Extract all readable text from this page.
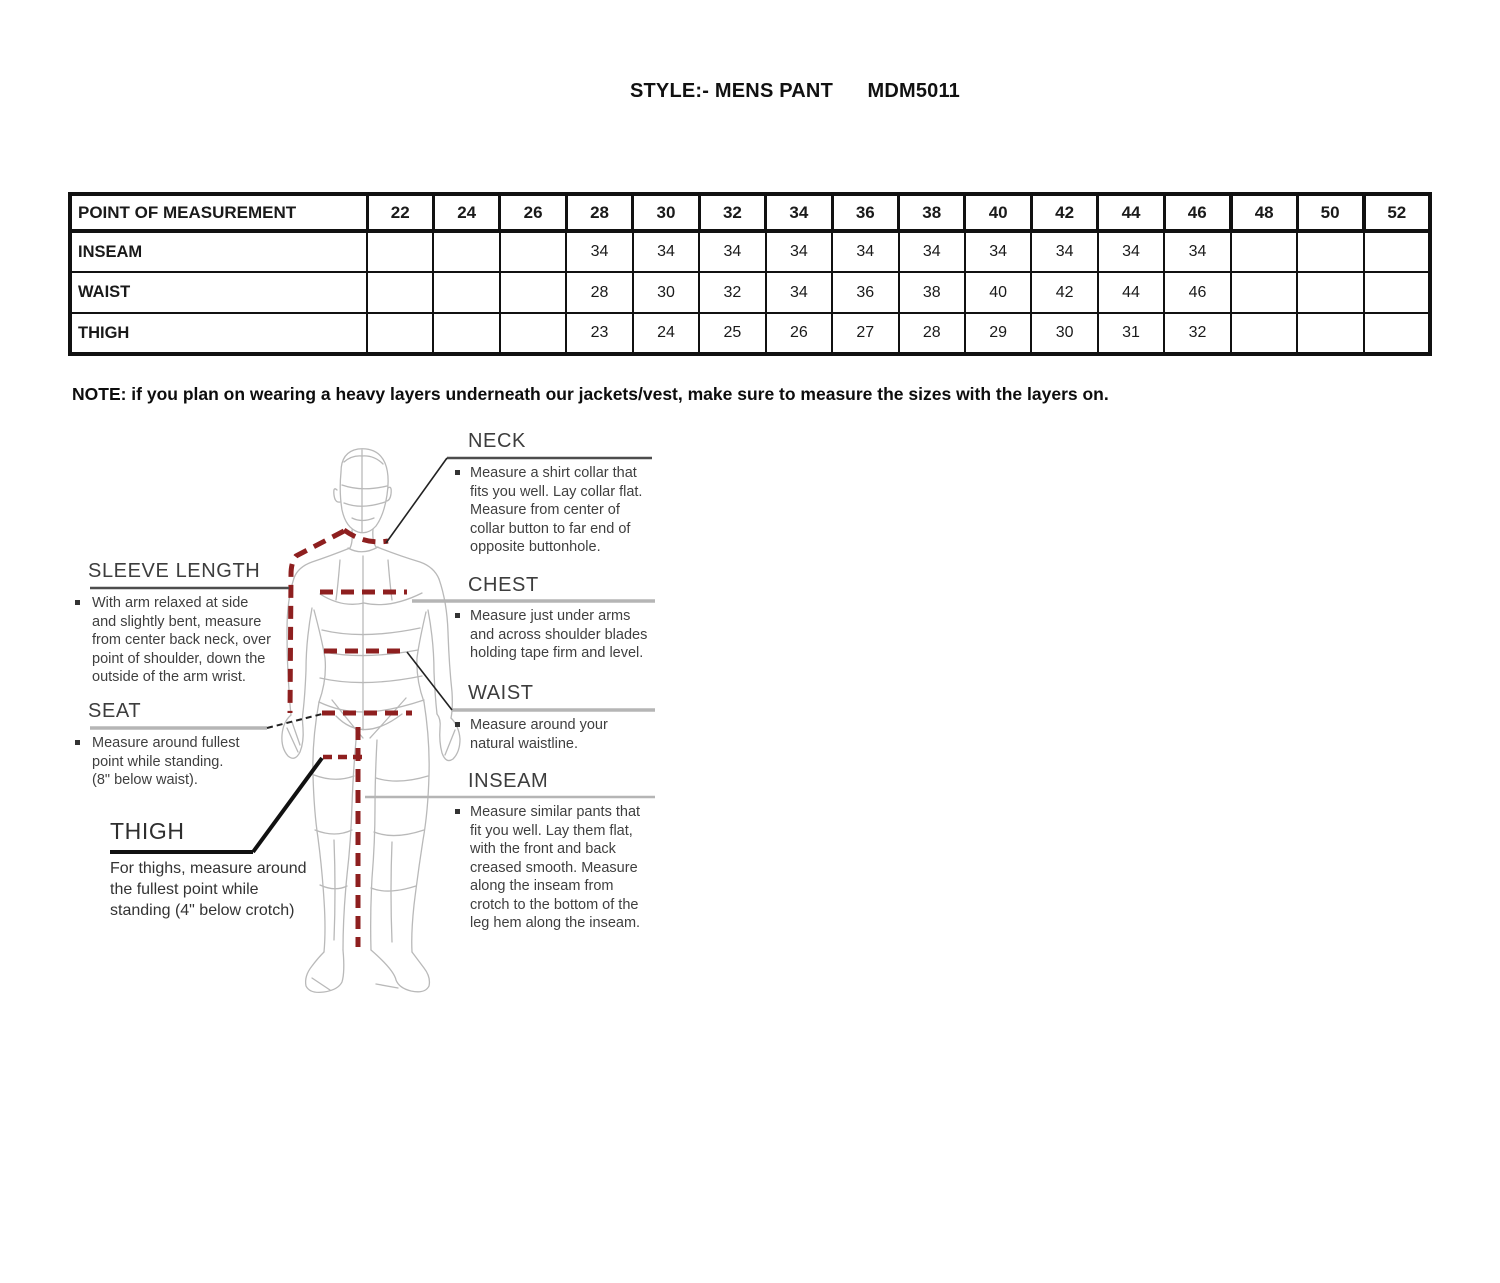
STYLE:- MENS PANT MDM5011
POINT OF MEASUREMENT	22	24	26	28	30	32	34	36	38	40	42	44	46	48	50	52
INSEAM				34	34	34	34	34	34	34	34	34	34			
WAIST				28	30	32	34	36	38	40	42	44	46			
THIGH				23	24	25	26	27	28	29	30	31	32			
NOTE: if you plan on wearing a heavy layers underneath our jackets/vest, make sure to measure the sizes with the layers on.
NECK
Measure a shirt collar that
fits you well. Lay collar flat.
Measure from center of
collar button to far end of
opposite buttonhole.
CHEST
Measure just under arms
and across shoulder blades
holding tape firm and level.
WAIST
Measure around your
natural waistline.
INSEAM
Measure similar pants that
fit you well. Lay them flat,
with the front and back
creased smooth. Measure
along the inseam from
crotch to the bottom of the
leg hem along the inseam.
SLEEVE LENGTH
With arm relaxed at side
and slightly bent, measure
from center back neck, over
point of shoulder, down the
outside of the arm wrist.
SEAT
Measure around fullest
point while standing.
(8" below waist).
THIGH
For thighs, measure around
the fullest point while
standing (4" below crotch)
